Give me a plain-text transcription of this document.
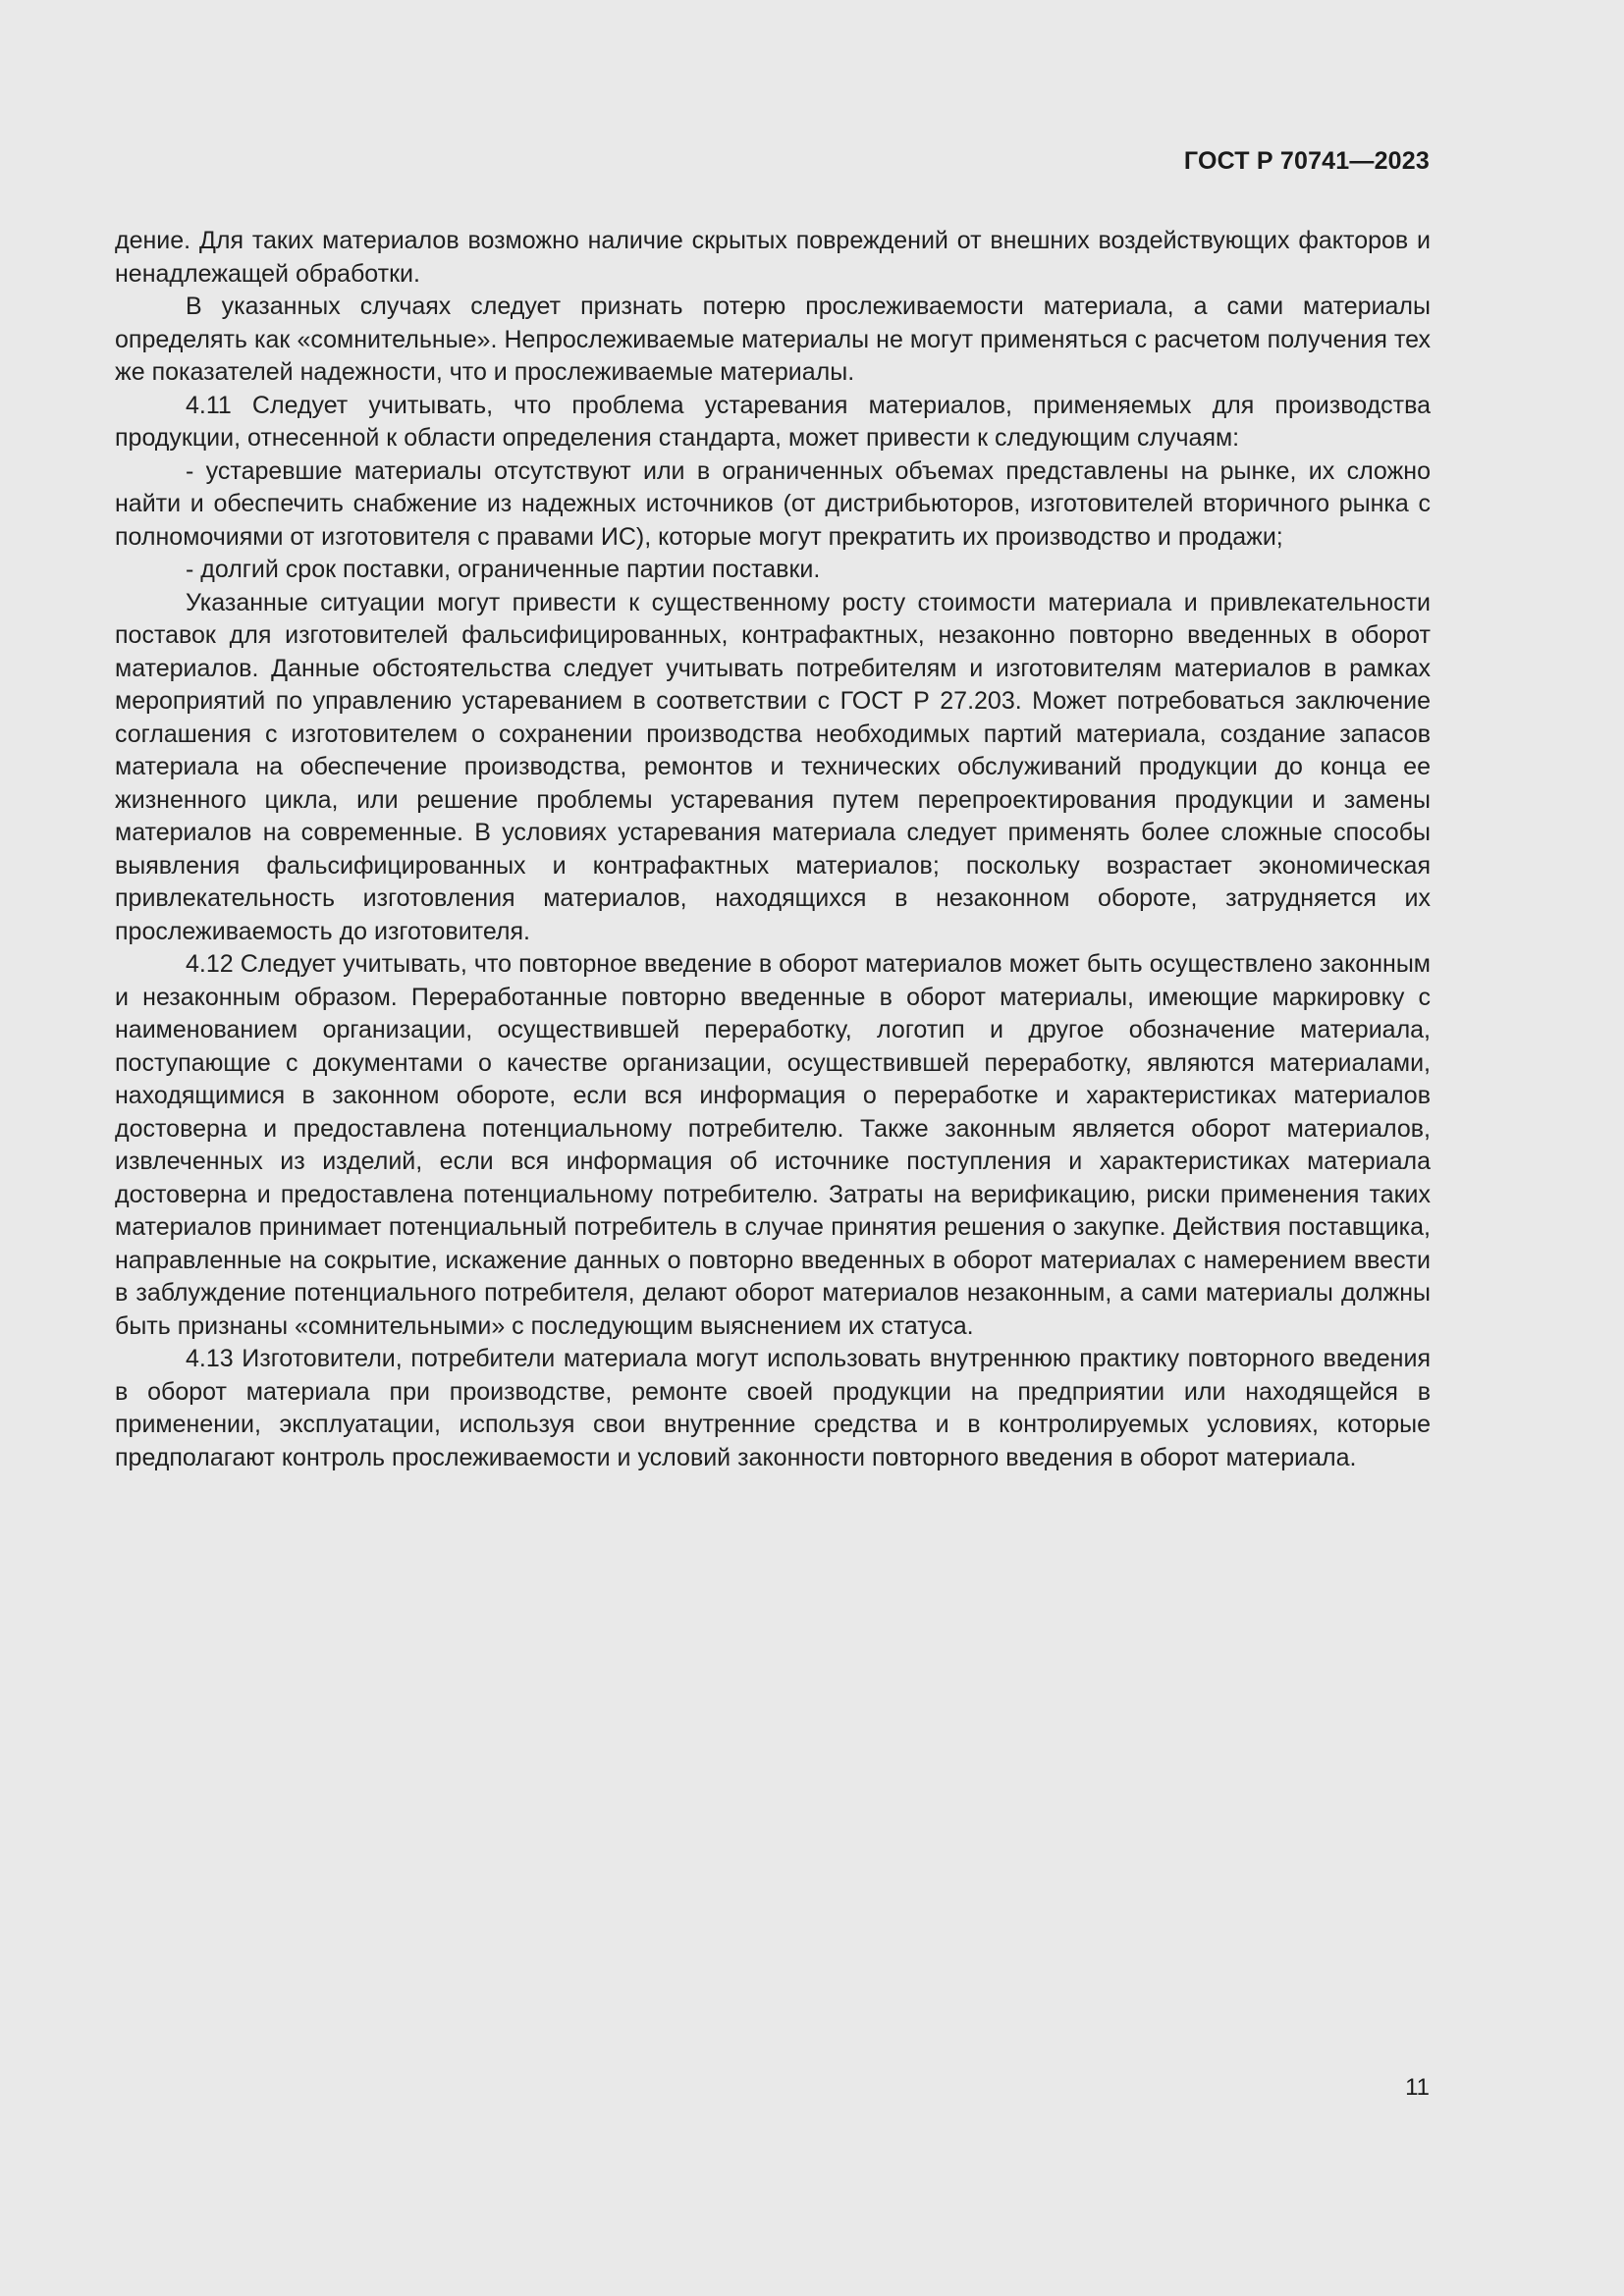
ГОСТ Р 70741—2023

дение. Для таких материалов возможно наличие скрытых повреждений от внешних воздействующих факторов и ненадлежащей обработки.

В указанных случаях следует признать потерю прослеживаемости материала, а сами материалы определять как «сомнительные». Непрослеживаемые материалы не могут применяться с расчетом получения тех же показателей надежности, что и прослеживаемые материалы.

4.11 Следует учитывать, что проблема устаревания материалов, применяемых для производства продукции, отнесенной к области определения стандарта, может привести к следующим случаям:

- устаревшие материалы отсутствуют или в ограниченных объемах представлены на рынке, их сложно найти и обеспечить снабжение из надежных источников (от дистрибьюторов, изготовителей вторичного рынка с полномочиями от изготовителя с правами ИС), которые могут прекратить их производство и продажи;

- долгий срок поставки, ограниченные партии поставки.

Указанные ситуации могут привести к существенному росту стоимости материала и привлекательности поставок для изготовителей фальсифицированных, контрафактных, незаконно повторно введенных в оборот материалов. Данные обстоятельства следует учитывать потребителям и изготовителям материалов в рамках мероприятий по управлению устареванием в соответствии с ГОСТ Р 27.203. Может потребоваться заключение соглашения с изготовителем о сохранении производства необходимых партий материала, создание запасов материала на обеспечение производства, ремонтов и технических обслуживаний продукции до конца ее жизненного цикла, или решение проблемы устаревания путем перепроектирования продукции и замены материалов на современные. В условиях устаревания материала следует применять более сложные способы выявления фальсифицированных и контрафактных материалов; поскольку возрастает экономическая привлекательность изготовления материалов, находящихся в незаконном обороте, затрудняется их прослеживаемость до изготовителя.

4.12 Следует учитывать, что повторное введение в оборот материалов может быть осуществлено законным и незаконным образом. Переработанные повторно введенные в оборот материалы, имеющие маркировку с наименованием организации, осуществившей переработку, логотип и другое обозначение материала, поступающие с документами о качестве организации, осуществившей переработку, являются материалами, находящимися в законном обороте, если вся информация о переработке и характеристиках материалов достоверна и предоставлена потенциальному потребителю. Также законным является оборот материалов, извлеченных из изделий, если вся информация об источнике поступления и характеристиках материала достоверна и предоставлена потенциальному потребителю. Затраты на верификацию, риски применения таких материалов принимает потенциальный потребитель в случае принятия решения о закупке. Действия поставщика, направленные на сокрытие, искажение данных о повторно введенных в оборот материалах с намерением ввести в заблуждение потенциального потребителя, делают оборот материалов незаконным, а сами материалы должны быть признаны «сомнительными» с последующим выяснением их статуса.

4.13 Изготовители, потребители материала могут использовать внутреннюю практику повторного введения в оборот материала при производстве, ремонте своей продукции на предприятии или находящейся в применении, эксплуатации, используя свои внутренние средства и в контролируемых условиях, которые предполагают контроль прослеживаемости и условий законности повторного введения в оборот материала.

11
